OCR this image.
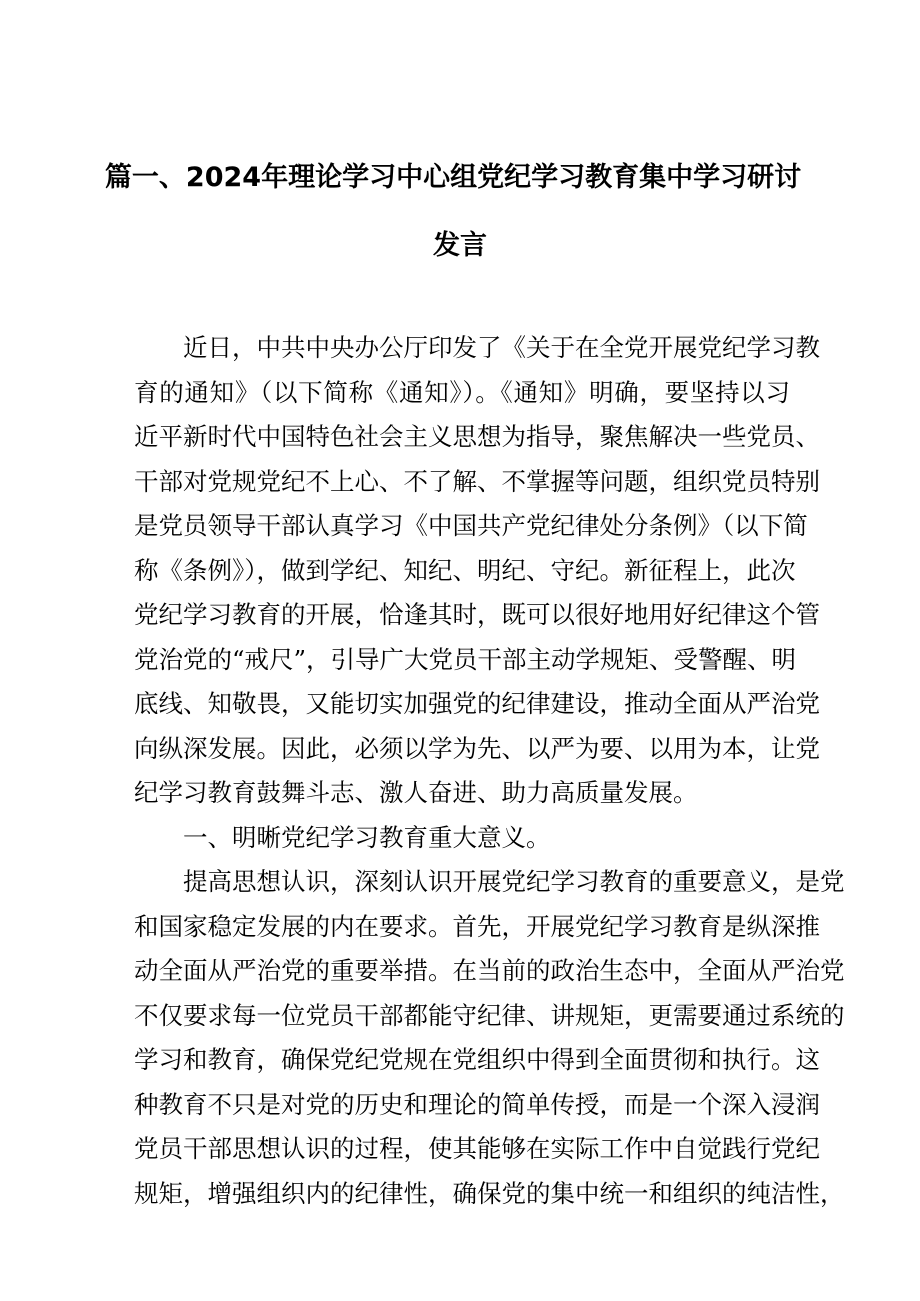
篇一、2024年理论学习中心组党纪学习教育集中学习研讨
发言
近日，中共中央办公厅印发了《关于在全党开展党纪学习教
育的通知》（以下简称《通知》）。《通知》明确，要坚持以习
近平新时代中国特色社会主义思想为指导，聚焦解决一些党员、
干部对党规党纪不上心、不了解、不掌握等问题，组织党员特别
是党员领导干部认真学习《中国共产党纪律处分条例》（以下简
称《条例》），做到学纪、知纪、明纪、守纪。新征程上，此次
党纪学习教育的开展，恰逢其时，既可以很好地用好纪律这个管
党治党的“戒尺”，引导广大党员干部主动学规矩、受警醒、明
底线、知敬畏，又能切实加强党的纪律建设，推动全面从严治党
向纵深发展。因此，必须以学为先、以严为要、以用为本，让党
纪学习教育鼓舞斗志、激人奋进、助力高质量发展。
一、明晰党纪学习教育重大意义。
提高思想认识，深刻认识开展党纪学习教育的重要意义，是党
和国家稳定发展的内在要求。首先，开展党纪学习教育是纵深推
动全面从严治党的重要举措。在当前的政治生态中，全面从严治党
不仅要求每一位党员干部都能守纪律、讲规矩，更需要通过系统的
学习和教育，确保党纪党规在党组织中得到全面贯彻和执行。这
种教育不只是对党的历史和理论的简单传授，而是一个深入浸润
党员干部思想认识的过程，使其能够在实际工作中自觉践行党纪
规矩，增强组织内的纪律性，确保党的集中统一和组织的纯洁性，
